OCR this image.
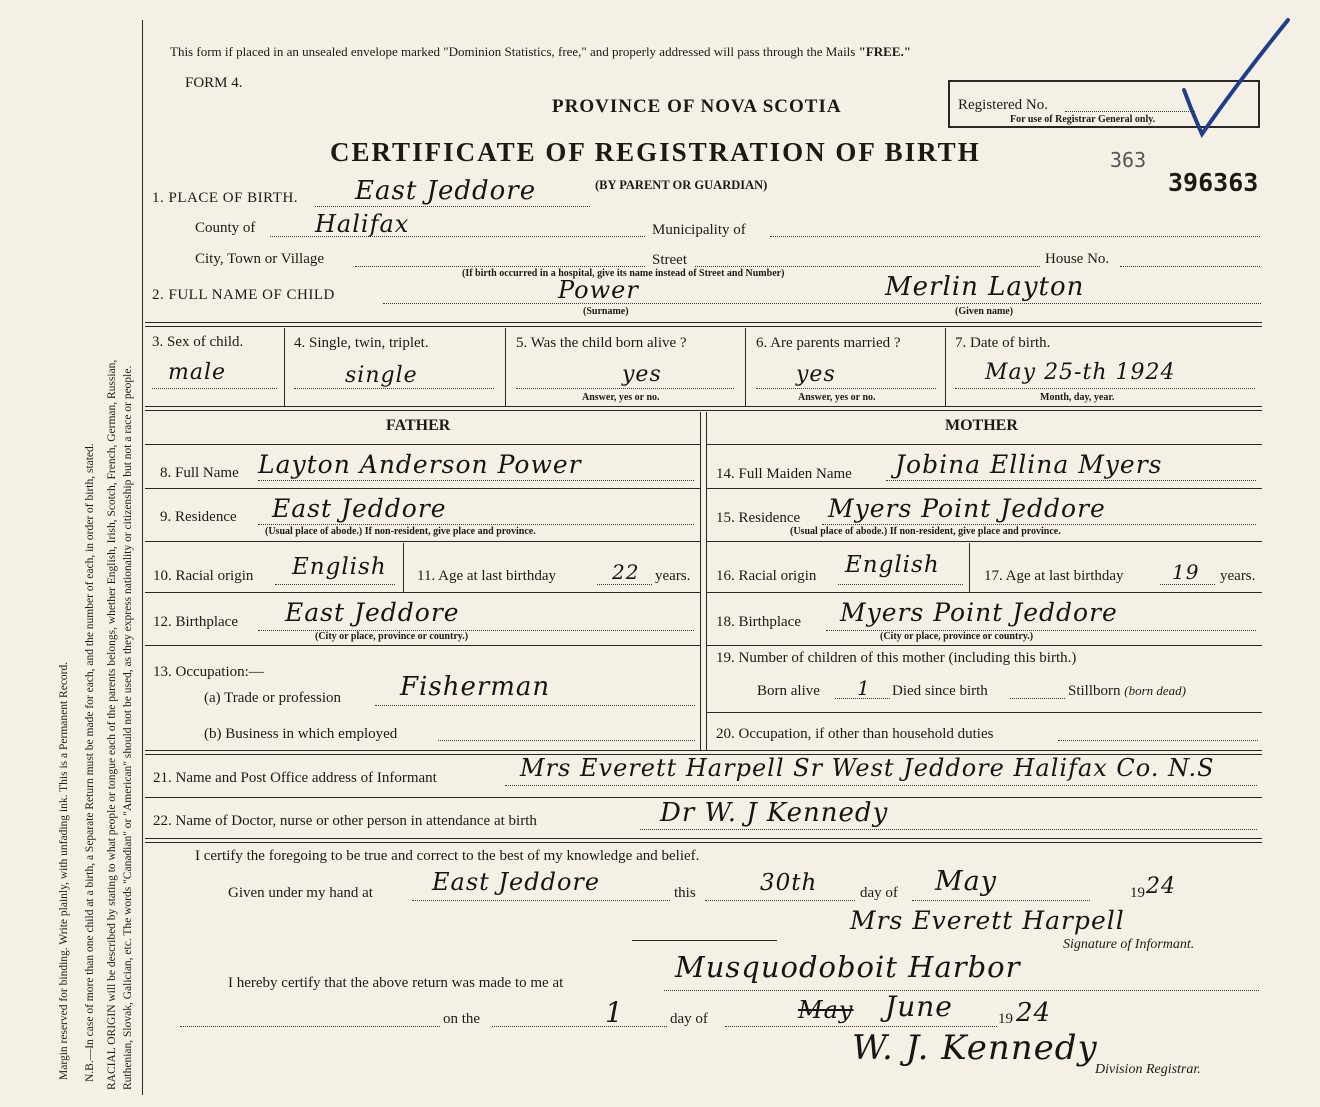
Margin reserved for binding. Write plainly, with unfading ink. This is a Permanent Record. N.B.—In case of more than one child at a birth, a Separate Return must be made for each, and the number of each, in order of birth, stated. RACIAL ORIGIN will be described by stating to what people or tongue each of the parents belongs, whether English, Irish, Scotch, French, German, Russian, Ruthenian, Slovak, Galician, etc. The words "Canadian" or "American" should not be used, as they express nationality or citizenship but not a race or people.
This form if placed in an unsealed envelope marked "Dominion Statistics, free," and properly addressed will pass through the Mails "FREE."
FORM 4.
PROVINCE OF NOVA SCOTIA
CERTIFICATE OF REGISTRATION OF BIRTH
(BY PARENT OR GUARDIAN)
Registered No.
For use of Registrar General only.
363
396363
1. PLACE OF BIRTH. East Jeddore
County of Halifax	Municipality of
City, Town or Village	Street	House No.
(If birth occurred in a hospital, give its name instead of Street and Number)
2. FULL NAME OF CHILD	Power
(Surname)
Merlin Layton
(Given name)
3. Sex of child.
male
4. Single, twin, triplet.
single
5. Was the child born alive ?
yes
Answer, yes or no.
6. Are parents married ?
yes
Answer, yes or no.
7. Date of birth.
May 25-th 1924
Month, day, year.
FATHER	MOTHER
8. Full Name Layton Anderson Power	14. Full Maiden Name Jobina Ellina Myers
9. Residence East Jeddore
(Usual place of abode.) If non-resident, give place and province.
15. Residence Myers Point Jeddore
(Usual place of abode.) If non-resident, give place and province.
10. Racial origin English 11. Age at last birthday	22 years. 16. Racial origin English	17. Age at last birthday 19 years.
12. Birthplace East Jeddore
(City or place, province or country.)
18. Birthplace Myers Point Jeddore
(City or place, province or country.)
13. Occupation:—
(a) Trade or profession Fisherman
(b) Business in which employed
19. Number of children of this mother (including this birth.)
Born alive 1 Died since birth	Stillborn (born dead)
20. Occupation, if other than household duties
21. Name and Post Office address of Informant	Mrs Everett Harpell Sr West Jeddore Halifax Co. N.S
22. Name of Doctor, nurse or other person in attendance at birth	Dr W. J Kennedy
I certify the foregoing to be true and correct to the best of my knowledge and belief.
Given under my hand at East Jeddore	this	30th	day of May	19 24
Mrs Everett Harpell
Signature of Informant.
I hereby certify that the above return was made to me at	Musquodoboit Harbor
on the	1	day of	May June	19 24
W. J. Kennedy
Division Registrar.
